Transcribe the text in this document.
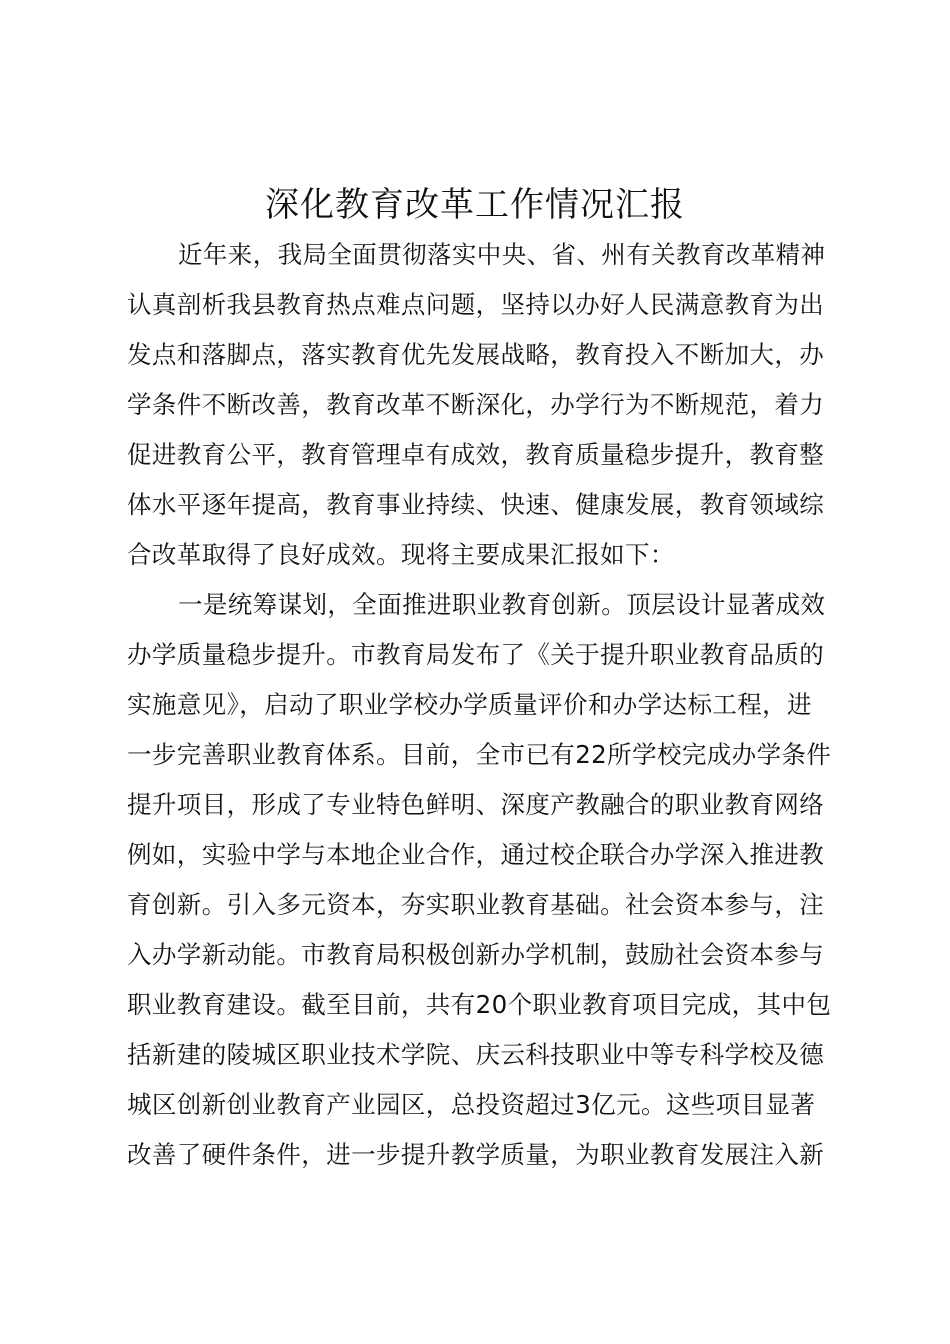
深化教育改革工作情况汇报
近年来，我局全面贯彻落实中央、省、州有关教育改革精神
认真剖析我县教育热点难点问题，坚持以办好人民满意教育为出
发点和落脚点，落实教育优先发展战略，教育投入不断加大，办
学条件不断改善，教育改革不断深化，办学行为不断规范，着力
促进教育公平，教育管理卓有成效，教育质量稳步提升，教育整
体水平逐年提高，教育事业持续、快速、健康发展，教育领域综
合改革取得了良好成效。现将主要成果汇报如下：
一是统筹谋划，全面推进职业教育创新。顶层设计显著成效
办学质量稳步提升。市教育局发布了《关于提升职业教育品质的
实施意见》，启动了职业学校办学质量评价和办学达标工程，进
一步完善职业教育体系。目前，全市已有22所学校完成办学条件
提升项目，形成了专业特色鲜明、深度产教融合的职业教育网络
例如，实验中学与本地企业合作，通过校企联合办学深入推进教
育创新。引入多元资本，夯实职业教育基础。社会资本参与，注
入办学新动能。市教育局积极创新办学机制，鼓励社会资本参与
职业教育建设。截至目前，共有20个职业教育项目完成，其中包
括新建的陵城区职业技术学院、庆云科技职业中等专科学校及德
城区创新创业教育产业园区，总投资超过3亿元。这些项目显著
改善了硬件条件，进一步提升教学质量，为职业教育发展注入新
